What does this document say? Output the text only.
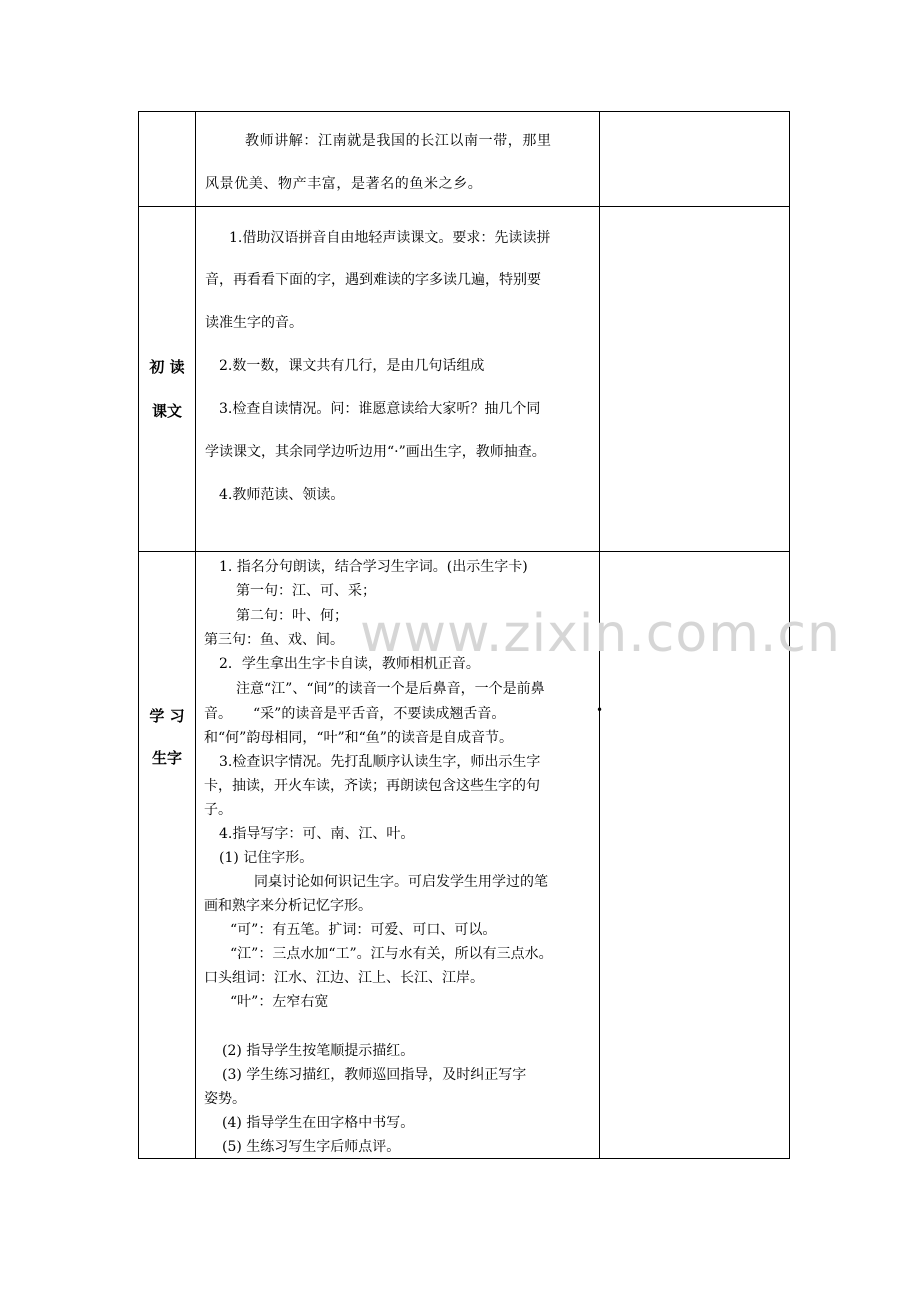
教师讲解：江南就是我国的长江以南一带，那里
风景优美、物产丰富，是著名的鱼米之乡。
初 读
课文
1.借助汉语拼音自由地轻声读课文。要求：先读读拼
音，再看看下面的字，遇到难读的字多读几遍，特别要
读准生字的音。
2.数一数，课文共有几行，是由几句话组成
3.检查自读情况。问：谁愿意读给大家听？抽几个同
学读课文，其余同学边听边用“·”画出生字，教师抽查。
4.教师范读、领读。
学 习
生字
1. 指名分句朗读，结合学习生字词。(出示生字卡)
第一句：江、可、采；
第二句：叶、何；
第三句：鱼、戏、间。
2．学生拿出生字卡自读，教师相机正音。
注意“江”、“间”的读音一个是后鼻音，一个是前鼻
音。　　“采”的读音是平舌音，不要读成翘舌音。
和“何”韵母相同，“叶”和“鱼”的读音是自成音节。
3.检查识字情况。先打乱顺序认读生字，师出示生字
卡，抽读，开火车读，齐读；再朗读包含这些生字的句
子。
4.指导写字：可、南、江、叶。
(1) 记住字形。
同桌讨论如何识记生字。可启发学生用学过的笔
画和熟字来分析记忆字形。
“可”：有五笔。扩词：可爱、可口、可以。
“江”：三点水加“工”。江与水有关，所以有三点水。
口头组词：江水、江边、江上、长江、江岸。
“叶”：左窄右宽
(2) 指导学生按笔顺提示描红。
(3) 学生练习描红，教师巡回指导，及时纠正写字
姿势。
(4) 指导学生在田字格中书写。
(5) 生练习写生字后师点评。
www.zixin.com.cn
•
